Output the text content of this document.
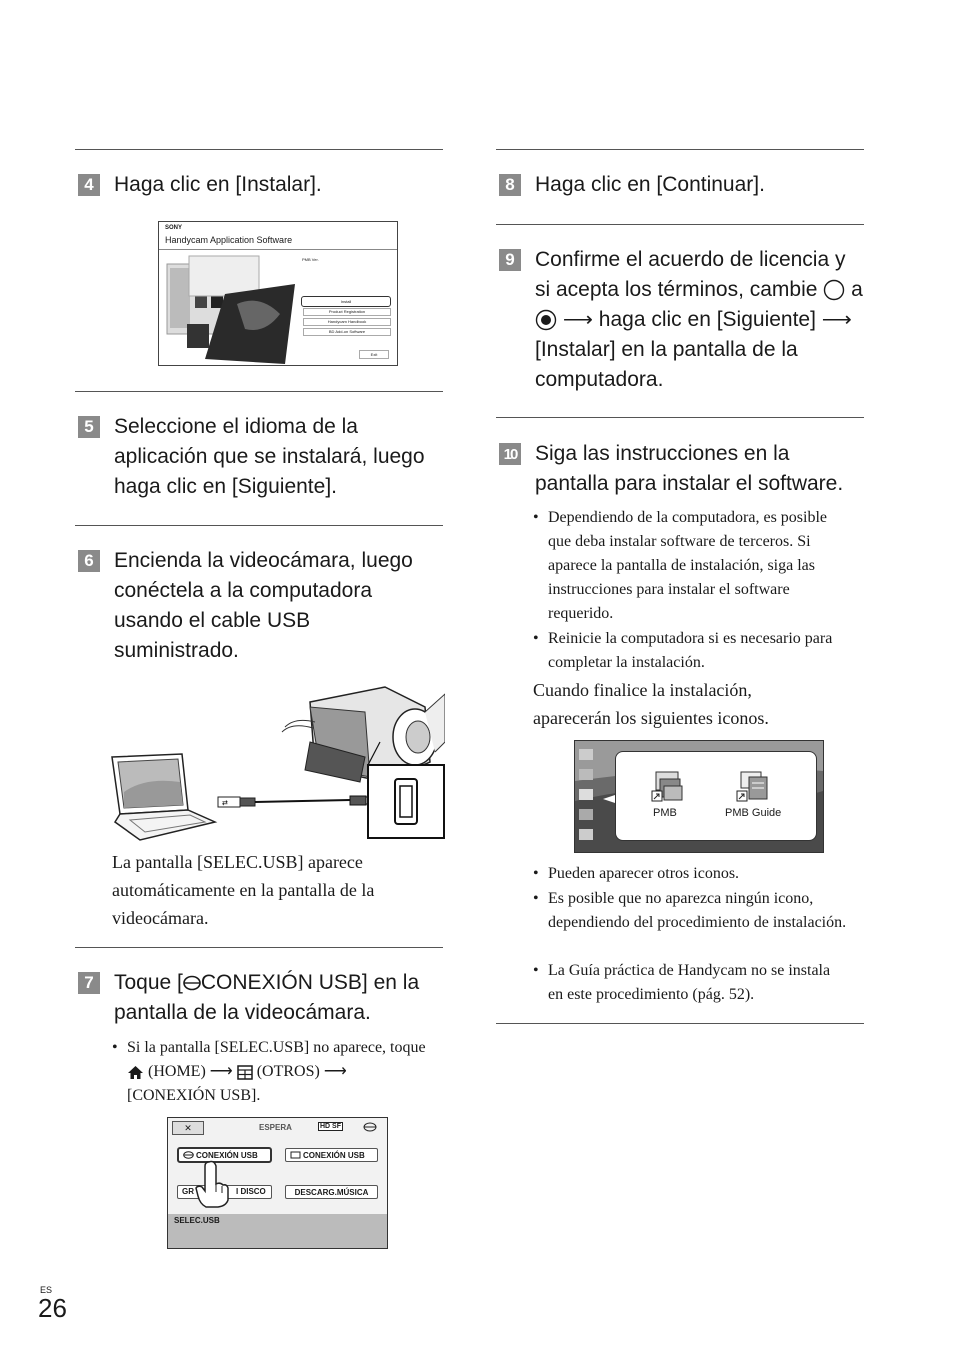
4 Haga clic en [Instalar].
SONY
Handycam Application Software
PMB Ver.
Install
Product Registration
Handycam Handbook
BD Add-on Software
Exit
5 Seleccione el idioma de la aplicación que se instalará, luego haga clic en [Siguiente].
6 Encienda la videocámara, luego conéctela a la computadora usando el cable USB suministrado.
⇄
La pantalla [SELEC.USB] aparece automáticamente en la pantalla de la videocámara.
7 Toque [ CONEXIÓN USB] en la pantalla de la videocámara.
• Si la pantalla [SELEC.USB] no aparece, toque  (HOME) ⟶ (OTROS) ⟶ [CONEXIÓN USB].
✕	ESPERA	HD SF
CONEXIÓN USB	CONEXIÓN USB
GR	I DISCO	DESCARG.MÚSICA
SELEC.USB
ES
26
8 Haga clic en [Continuar].
9 Confirme el acuerdo de licencia y si acepta los términos, cambie a  ⟶ haga clic en [Siguiente] ⟶ [Instalar] en la pantalla de la computadora.
10 Siga las instrucciones en la pantalla para instalar el software.
• Dependiendo de la computadora, es posible que deba instalar software de terceros. Si aparece la pantalla de instalación, siga las instrucciones para instalar el software requerido.
• Reinicie la computadora si es necesario para completar la instalación.
Cuando finalice la instalación, aparecerán los siguientes iconos.
PMB	PMB Guide
• Pueden aparecer otros iconos.
• Es posible que no aparezca ningún icono, dependiendo del procedimiento de instalación.
• La Guía práctica de Handycam no se instala en este procedimiento (pág. 52).
